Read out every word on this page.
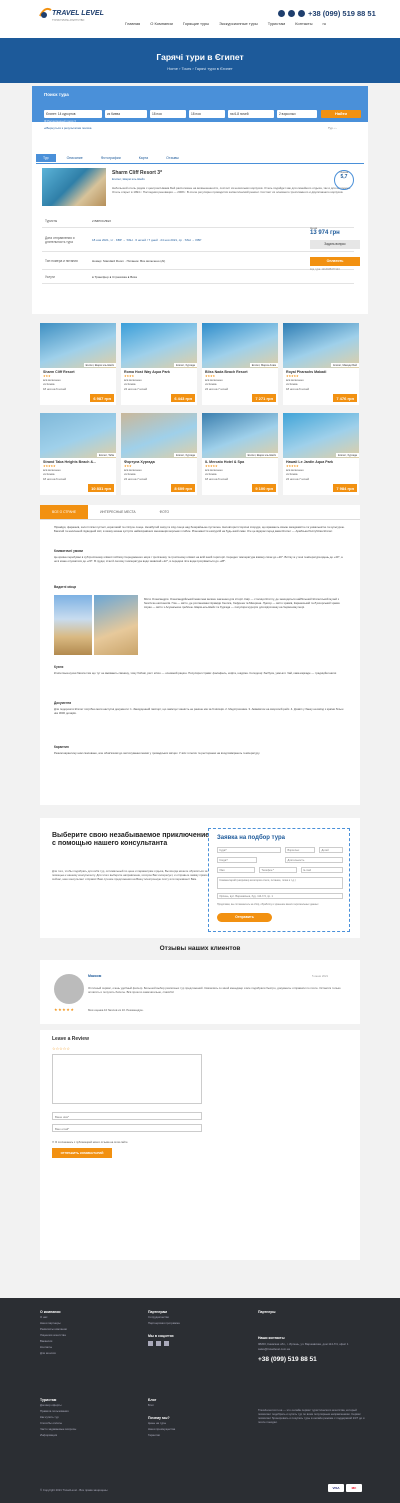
TRAVEL LEVEL
ТУРИСТИЧНЕ АГЕНТСТВО
+38 (099) 519 88 51
Главная	О Компании	Горящие туры	Экскурсионные туры	Туристам	Контакты	ru
Гарячі тури в Єгипет
Home › Tours › Гарячі тури в Єгипет
Поиск тура
Єгипет: 14 курортов	из Киева	18 ноя	18 ноя	на 6-8 ночей	2 взрослых	Найти
⚙ Расширенный поиск ▾
◂ Вернуться к результатам поиска	Тур ‹ ›
Тур	Описание	Фотографии	Карта	Отзывы
Sharm Cliff Resort 3*
Египет, Шарм эль Шейх
Небольшой отель рядом с центром Наама Бей расположен на возвышенности, состоит из нескольких корпусов. Отель подойдет как для семейного отдыха, так и для молодежи. Отель открыт в 1994 г. Последняя реновация — 2008 г. В отеле регулярно проводится косметический ремонт. Состоит из основного трехэтажного и двухэтажного корпусов.
Оценка
5,7
Туристы	2 ВЗРОСЛЫХ
Дата отправления и длительность тура	18 ноя 2021, чт · KBP → SSH · 6 ночей / 7 дней · 24 ноя 2021, ср · SSH → KBP
Тип номера и питания	Номер: Standard Room · Питание: Все включено (AI)
Услуги	● Трансфер ● Страховка ● Виза
Цена
13 974 грн
Задать вопрос
Оплатить
Код тура: 1213935477123
Египет, Шарм эль Шейх
Sharm Cliff Resort
★★★
всё включено
из Киева
18 ноя на 6 ночей
6 987 грн
Египет, Хургада
Roma Host Way Aqua Park
★★★★
всё включено
из Киева
24 ноя на 7 ночей
6 443 грн
Египет, Марса Алам
Bliss Nada Beach Resort
★★★★
всё включено
из Киева
24 ноя на 7 ночей
7 271 грн
Египет, Макади Бей
Royal Pharaohs Makadi
★★★★★
всё включено
из Киева
18 ноя на 6 ночей
7 476 грн
Египет, Таба
Strand Taba Heights Beach &...
★★★★★
всё включено
из Киева
18 ноя на 6 ночей
10 831 грн
Египет, Хургада
Фортуна Хургада
★★★
всё включено
из Киева
24 ноя на 7 ночей
8 609 грн
Египет, Шарм эль Шейх
IL Mercato Hotel & Spa
★★★★★
всё включено
из Киева
18 ноя на 6 ночей
9 100 грн
Египет, Хургада
Hawaii Le Jardin Aqua Park
★★★★★
всё включено
из Киева
24 ноя на 7 ночей
7 984 грн
ВСЕ О СТРАНЕ	ИНТЕРЕСНЫЕ МЕСТА	ФОТО
Піраміди, фараонів, золоті піски пустелі, кораловий та сліпуче сонце. Незабутній захід та схід сонця над безкрайньою пустелею. Неповторні історичні споруди, що вражають своєю загадковістю та унікальністю та культурою. Багатий та насичений підводний світ, в якому можна зустріти найяскравіших мешканців морських глибин. Різноманіття екскурсій на будь-який смак. Усе це відкриє перед вами Єгипет — Арабська Республіка Єгипет.
Климатичні умови
Це країна перебуває в субтропічному кліматі поблизу Середземного моря і тропічному та тропічному кліматі на всій іншій території. Середня температура взимку сягає до +20°. Влітку ж у зоні температура вдень до +40°, а ночі може опускатися до +20°. В грудні, січні й лютому температура води зазвичай +22°, в середині літа вода прогрівається до +28°.
Видатні місця
Місто Олександрія. Олександрійський маяк має велике значення для історії. Каїр — столиця Єгипту, де знаходиться найбільший Єгипетський музей з безліччю експонатів. Гіза — місто, де розташовані піраміди Хеопса, Хефрена та Мікерина. Луксор — місто храмів, Карнакський та Луксорський храми. Асуан — місто з Асуанською греблею. Шарм-ель-Шейх та Хургада — популярні курорти для відпочинку на Червоному морі.
Кухня
Єгипетська кухня багата тим що тут не вживають свинину, тому бобові, рис і м'ясо — основний раціон. Популярні страви: фалафель, кофта, шаурма. Солодощі: басбуса, умм-алі. Чай, кава каркаде — традиційні напої.
Документи
Для подорожі в Єгипет потрібно мати наступні документи: 1. Закордонний паспорт, що закінчує чинність не раніше ніж за 6 місяців. 2. Медстраховка. 3. Авіаквиток на зворотній рейс. 4. Дозвіл у банку на виїзд з країни більш ніж 3000 доларів.
Карантин
Режим карантину нині скасовано, але обов'язкові до застосування маски у громадських місцях. У всіх готелях та ресторанах на вході вимірюють температуру.
Выберите свою незабываемое приключение с помощью нашего консультанта
Для того, чтобы подобрать для себя тур, оптимальный по цене и параметрам отдыха, Вы всегда можете обратиться за помощью к нашему консультанту. Для этого выберите направление, которое Вас интересует, и отправьте заявку прямо сейчас, наш консультант отправит Вам лучшие предложения на Вашу электронную почту или перезвонит Вам.
Заявка на подбор тура
Куда?	Взрослых	Детей
Когда?	Длительность
Имя	Телефон *	E-mail
Комментарий (например категория отеля, питание, пляж и т.д.)
Ирпень, вул. Варшавська, буд. 114-Г/4, пр. 1
Продолжая, вы соглашаетесь на сбор, обработку и хранение ваших персональных данных
Отправить
Отзывы наших клиентов
Максим	5 июня 2021
Отличный сервис, очень удобный фильтр. Большой выбор различных тур предложений. Связались со мной менеджер и все подобрали быстро, документы отправили по почте. Остается только оплатить и получить билеты. Всё прошло замечательно, спасибо!
Моя оценка 10 баллов из 10. Рекомендую.
★★★★★
Leave a Review
☆☆☆☆☆
Ваше имя*
Ваш email*
☐ Я соглашаюсь с публикацией моего отзыва на этом сайте
ОТПРАВИТЬ КОММЕНТАРИЙ
О компании
О нас
Наши партнеры
Реквизиты компании
Лицензия агентства
Вакансии
Контакты
Для агентов
Партнерам
Сотрудничество
Партнерская программа
Мы в соцсетях
Партнеры
Наши контакты
08200, Киевская обл., г. Ирпень, ул. Варшавская, дом 114-Г/4, офис 1
sales@travellevel.com.ua
+38 (099) 519 88 51
Туристам
Договор оферты
Правила пользования
Как купить тур
Способы оплаты
Часто задаваемые вопросы
Информация
Блог
Блог
Почему мы?
Цены на туры
Наши преимущества
Гарантии
TravelLevel.com.ua — это онлайн сервис туристического агентства, который позволяет подобрать и купить тур по всем популярным направлениям. Сервис позволяет бронировать и покупать туры в онлайн режиме с поддержкой 24/7 до и после поездки.
© Copyright 2021 TravelLevel - Все права защищены	VISA	MC
